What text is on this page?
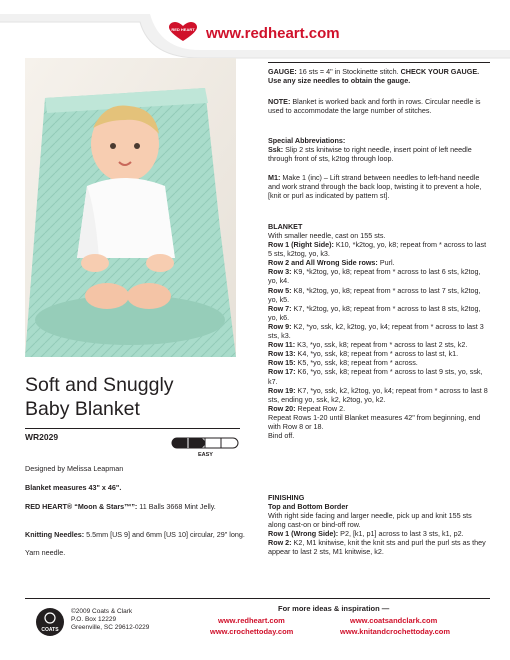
RED HEART www.redheart.com
Soft and Snuggly
Baby Blanket
WR2029
EASY
Designed by Melissa Leapman
Blanket measures 43" x 46".
RED HEART® “Moon & Stars™”: 11 Balls 3668 Mint Jelly.
Knitting Needles: 5.5mm [US 9] and 6mm [US 10] circular, 29" long.
Yarn needle.
GAUGE: 16 sts = 4" in Stockinette stitch. CHECK YOUR GAUGE. Use any size needles to obtain the gauge.
NOTE: Blanket is worked back and forth in rows. Circular needle is used to accommodate the large number of stitches.
Special Abbreviations:
Ssk: Slip 2 sts knitwise to right needle, insert point of left needle through front of sts, k2tog through loop.
M1: Make 1 (inc) – Lift strand between needles to left-hand needle and work strand through the back loop, twisting it to prevent a hole, [knit or purl as indicated by pattern st].
BLANKET
With smaller needle, cast on 155 sts.
Row 1 (Right Side): K10, *k2tog, yo, k8; repeat from * across to last 5 sts, k2tog, yo, k3.
Row 2 and All Wrong Side rows: Purl.
Row 3: K9, *k2tog, yo, k8; repeat from * across to last 6 sts, k2tog, yo, k4.
Row 5: K8, *k2tog, yo, k8; repeat from * across to last 7 sts, k2tog, yo, k5.
Row 7: K7, *k2tog, yo, k8; repeat from * across to last 8 sts, k2tog, yo, k6.
Row 9: K2, *yo, ssk, k2, k2tog, yo, k4; repeat from * across to last 3 sts, k3.
Row 11: K3, *yo, ssk, k8; repeat from * across to last 2 sts, k2.
Row 13: K4, *yo, ssk, k8; repeat from * across to last st, k1.
Row 15: K5, *yo, ssk, k8; repeat from * across.
Row 17: K6, *yo, ssk, k8; repeat from * across to last 9 sts, yo, ssk, k7.
Row 19: K7, *yo, ssk, k2, k2tog, yo, k4; repeat from * across to last 8 sts, ending yo, ssk, k2, k2tog, yo, k2.
Row 20: Repeat Row 2.
Repeat Rows 1-20 until Blanket measures 42" from beginning, end with Row 8 or 18.
Bind off.
FINISHING
Top and Bottom Border
With right side facing and larger needle, pick up and knit 155 sts along cast-on or bind-off row.
Row 1 (Wrong Side): P2, [k1, p1] across to last 3 sts, k1, p2.
Row 2: K2, M1 knitwise, knit the knit sts and purl the purl sts as they appear to last 2 sts, M1 knitwise, k2.
COATS
©2009 Coats & Clark
P.O. Box 12229
Greenville, SC 29612-0229
For more ideas & inspiration —
www.redheart.com	www.coatsandclark.com
www.crochettoday.com	www.knitandcrochettoday.com
